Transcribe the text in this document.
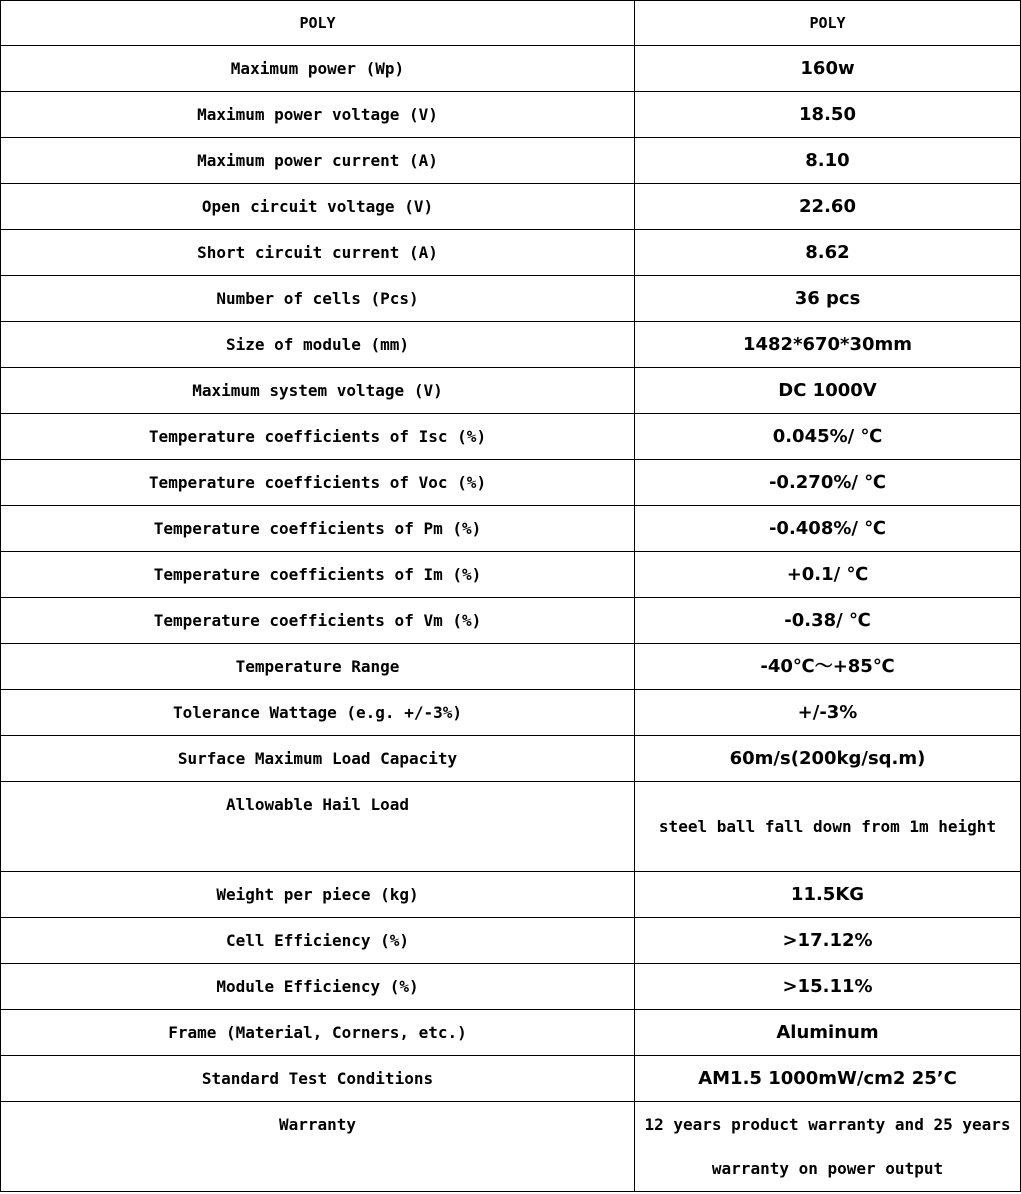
POLY	POLY
Maximum power (Wp)	160w
Maximum power voltage (V)	18.50
Maximum power current (A)	8.10
Open circuit voltage (V)	22.60
Short circuit current (A)	8.62
Number of cells (Pcs)	36 pcs
Size of module (mm)	1482*670*30mm
Maximum system voltage (V)	DC 1000V
Temperature coefficients of Isc (%)	0.045%/ ℃
Temperature coefficients of Voc (%)	-0.270%/ ℃
Temperature coefficients of Pm (%)	-0.408%/ ℃
Temperature coefficients of Im (%)	+0.1/ ℃
Temperature coefficients of Vm (%)	-0.38/ ℃
Temperature Range	-40℃～+85℃
Tolerance Wattage (e.g. +/-3%)	+/-3%
Surface Maximum Load Capacity	60m/s(200kg/sq.m)
Allowable Hail Load	steel ball fall down from 1m height
Weight per piece (kg)	11.5KG
Cell Efficiency (%)	>17.12%
Module Efficiency (%)	>15.11%
Frame (Material, Corners, etc.)	Aluminum
Standard Test Conditions	AM1.5 1000mW/cm2 25’C
Warranty	12 years product warranty and 25 years warranty on power output
